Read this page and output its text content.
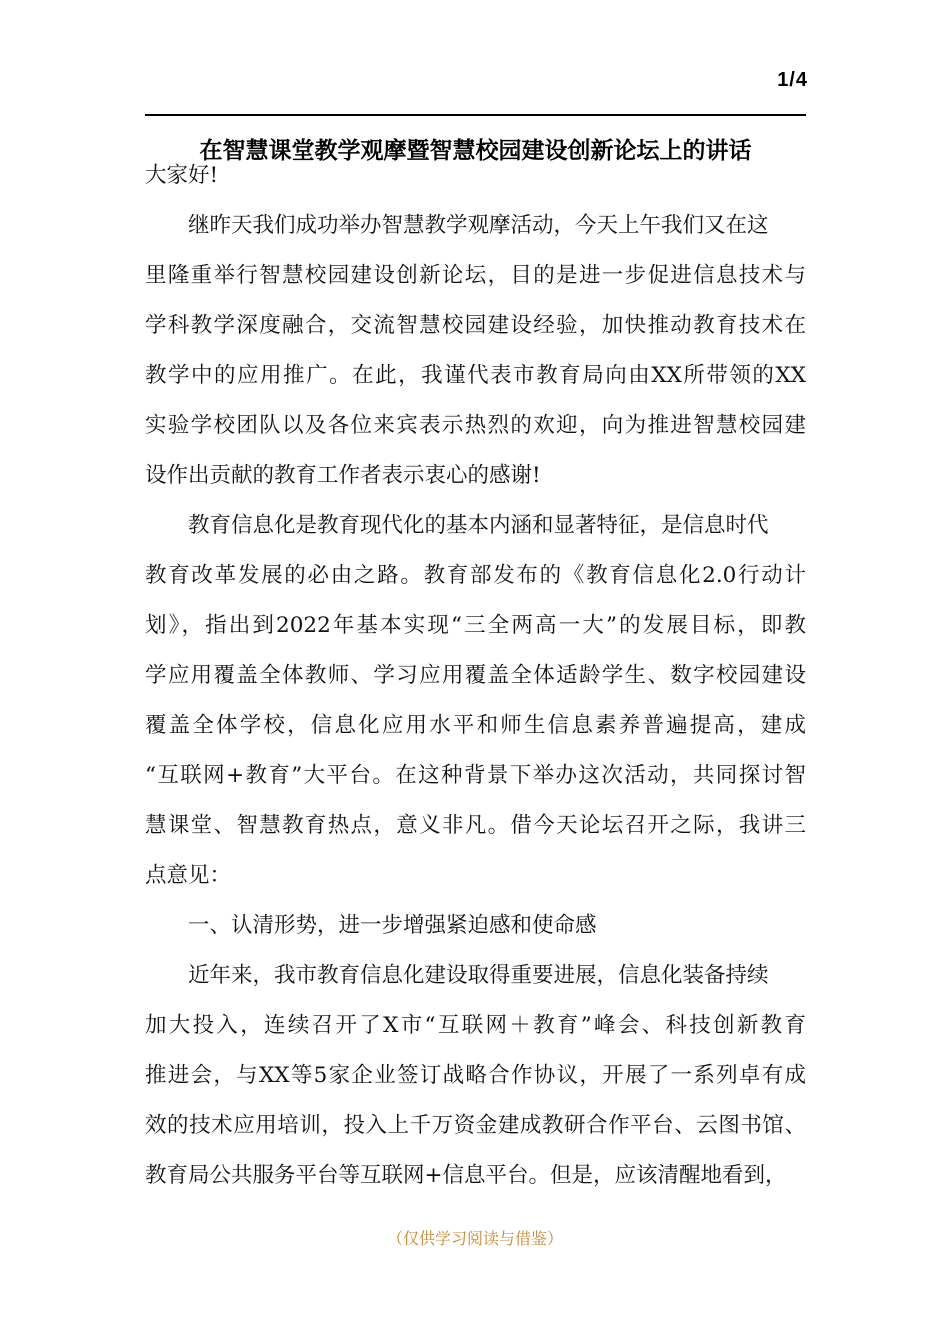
1/4
在智慧课堂教学观摩暨智慧校园建设创新论坛上的讲话

大家好!

继昨天我们成功举办智慧教学观摩活动，今天上午我们又在这

里隆重举行智慧校园建设创新论坛，目的是进一步促进信息技术与

学科教学深度融合，交流智慧校园建设经验，加快推动教育技术在

教学中的应用推广。在此，我谨代表市教育局向由XX所带领的XX

实验学校团队以及各位来宾表示热烈的欢迎，向为推进智慧校园建

设作出贡献的教育工作者表示衷心的感谢!

教育信息化是教育现代化的基本内涵和显著特征，是信息时代

教育改革发展的必由之路。教育部发布的《教育信息化2.0行动计

划》，指出到2022年基本实现“三全两高一大”的发展目标，即教

学应用覆盖全体教师、学习应用覆盖全体适龄学生、数字校园建设

覆盖全体学校，信息化应用水平和师生信息素养普遍提高，建成

“互联网+教育”大平台。在这种背景下举办这次活动，共同探讨智

慧课堂、智慧教育热点，意义非凡。借今天论坛召开之际，我讲三

点意见：

一、认清形势，进一步增强紧迫感和使命感

近年来，我市教育信息化建设取得重要进展，信息化装备持续

加大投入，连续召开了X市“互联网＋教育”峰会、科技创新教育

推进会，与XX等5家企业签订战略合作协议，开展了一系列卓有成

效的技术应用培训，投入上千万资金建成教研合作平台、云图书馆、

教育局公共服务平台等互联网+信息平台。但是，应该清醒地看到，

（仅供学习阅读与借鉴）
